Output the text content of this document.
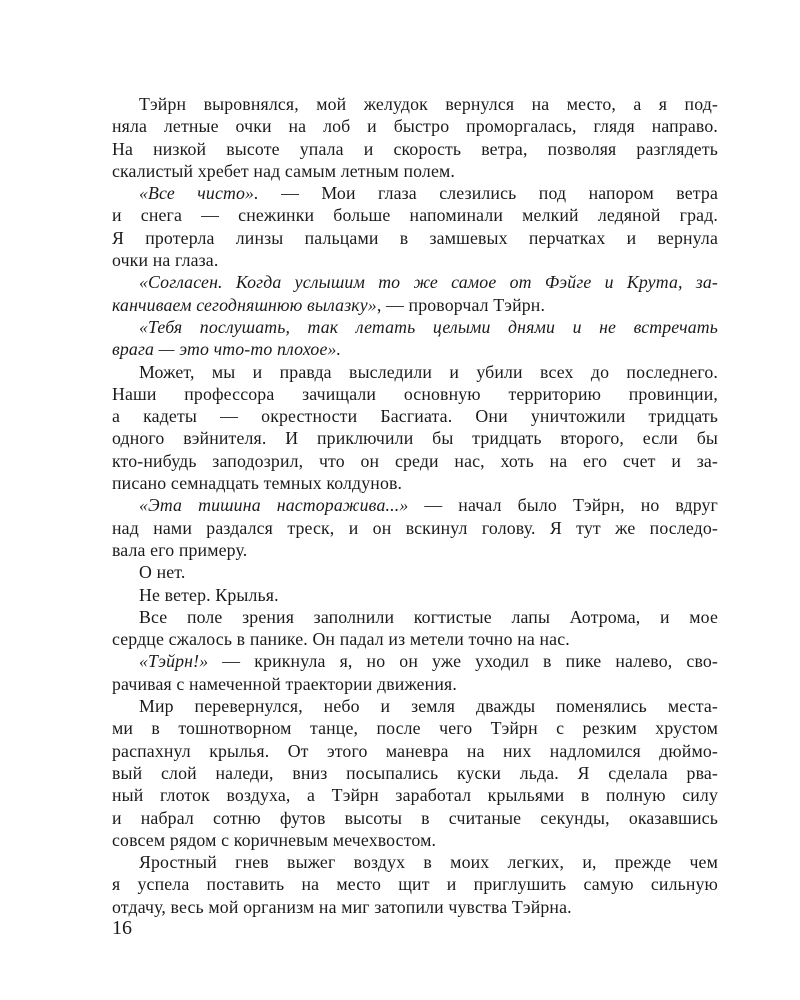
Тэйрн выровнялся, мой желудок вернулся на место, а я под-
няла летные очки на лоб и быстро проморгалась, глядя направо.
На низкой высоте упала и скорость ветра, позволяя разглядеть
скалистый хребет над самым летным полем.
«Все чисто». — Мои глаза слезились под напором ветра
и снега — снежинки больше напоминали мелкий ледяной град.
Я протерла линзы пальцами в замшевых перчатках и вернула
очки на глаза.
«Согласен. Когда услышим то же самое от Фэйге и Крута, за-
канчиваем сегодняшнюю вылазку», — проворчал Тэйрн.
«Тебя послушать, так летать целыми днями и не встречать
врага — это что-то плохое».
Может, мы и правда выследили и убили всех до последнего.
Наши профессора зачищали основную территорию провинции,
а кадеты — окрестности Басгиата. Они уничтожили тридцать
одного вэйнителя. И приключили бы тридцать второго, если бы
кто-нибудь заподозрил, что он среди нас, хоть на его счет и за-
писано семнадцать темных колдунов.
«Эта тишина настораживa...» — начал было Тэйрн, но вдруг
над нами раздался треск, и он вскинул голову. Я тут же последо-
вала его примеру.
О нет.
Не ветер. Крылья.
Все поле зрения заполнили когтистые лапы Аотрома, и мое
сердце сжалось в панике. Он падал из метели точно на нас.
«Тэйрн!» — крикнула я, но он уже уходил в пике налево, сво-
рачивая с намеченной траектории движения.
Мир перевернулся, небо и земля дважды поменялись места-
ми в тошнотворном танце, после чего Тэйрн с резким хрустом
распахнул крылья. От этого маневра на них надломился дюймо-
вый слой наледи, вниз посыпались куски льда. Я сделала рва-
ный глоток воздуха, а Тэйрн заработал крыльями в полную силу
и набрал сотню футов высоты в считаные секунды, оказавшись
совсем рядом с коричневым мечехвостом.
Яростный гнев выжег воздух в моих легких, и, прежде чем
я успела поставить на место щит и приглушить самую сильную
отдачу, весь мой организм на миг затопили чувства Тэйрна.
16
